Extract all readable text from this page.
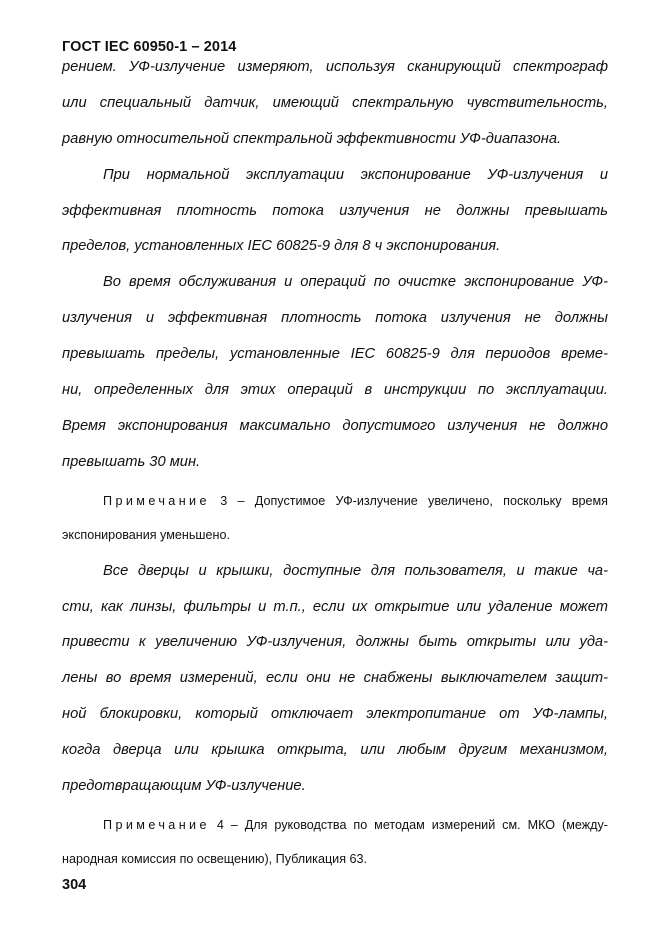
ГОСТ IEC 60950-1 – 2014
рением. УФ-излучение измеряют, используя сканирующий спектрограф
или специальный датчик, имеющий спектральную чувствительность,
равную относительной спектральной эффективности УФ-диапазона.
При нормальной эксплуатации экспонирование УФ-излучения и
эффективная плотность потока излучения не должны превышать
пределов, установленных IEC 60825-9 для 8 ч экспонирования.
Во время обслуживания и операций по очистке экспонирование УФ-
излучения и эффективная плотность потока излучения не должны
превышать пределы, установленные IEC 60825-9 для периодов време-
ни, определенных для этих операций в инструкции по эксплуатации.
Время экспонирования максимально допустимого излучения не должно
превышать 30 мин.
Примечание 3 – Допустимое УФ-излучение увеличено, поскольку время
экспонирования уменьшено.
Все дверцы и крышки, доступные для пользователя, и такие ча-
сти, как линзы, фильтры и т.п., если их открытие или удаление может
привести к увеличению УФ-излучения, должны быть открыты или уда-
лены во время измерений, если они не снабжены выключателем защит-
ной блокировки, который отключает электропитание от УФ-лампы,
когда дверца или крышка открыта, или любым другим механизмом,
предотвращающим УФ-излучение.
Примечание 4 – Для руководства по методам измерений см. МКО (между-
народная комиссия по освещению), Публикация 63.
304
